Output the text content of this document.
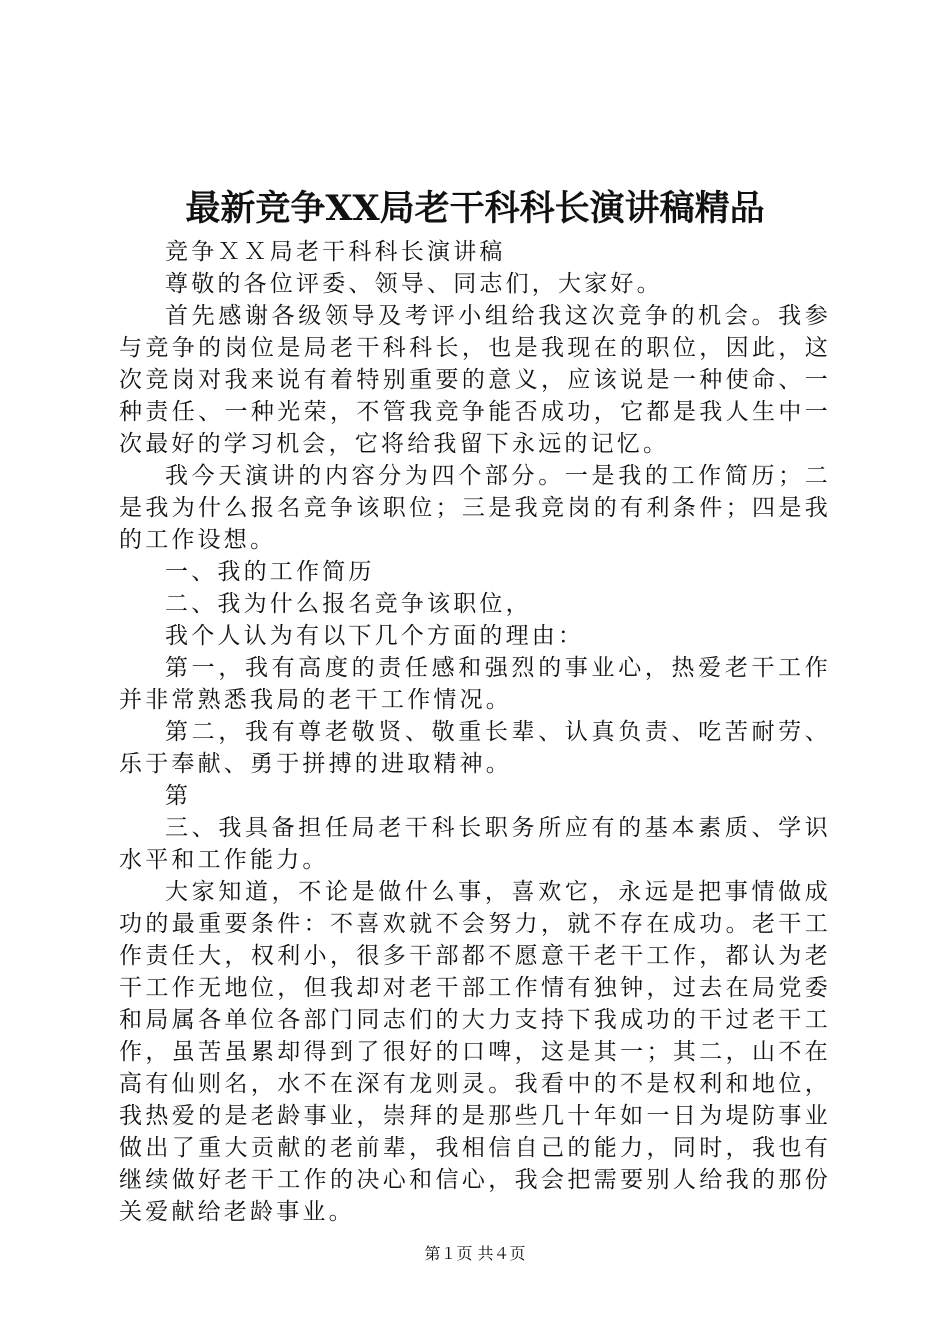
最新竞争XX局老干科科长演讲稿精品

竞争ＸＸ局老干科科长演讲稿

尊敬的各位评委、领导、同志们，大家好。

首先感谢各级领导及考评小组给我这次竞争的机会。我参与竞争的岗位是局老干科科长，也是我现在的职位，因此，这次竞岗对我来说有着特别重要的意义，应该说是一种使命、一种责任、一种光荣，不管我竞争能否成功，它都是我人生中一次最好的学习机会，它将给我留下永远的记忆。

我今天演讲的内容分为四个部分。一是我的工作简历；二是我为什么报名竞争该职位；三是我竞岗的有利条件；四是我的工作设想。

一、我的工作简历

二、我为什么报名竞争该职位，

我个人认为有以下几个方面的理由：

第一，我有高度的责任感和强烈的事业心，热爱老干工作并非常熟悉我局的老干工作情况。

第二，我有尊老敬贤、敬重长辈、认真负责、吃苦耐劳、乐于奉献、勇于拼搏的进取精神。

第

三、我具备担任局老干科长职务所应有的基本素质、学识水平和工作能力。

大家知道，不论是做什么事，喜欢它，永远是把事情做成功的最重要条件：不喜欢就不会努力，就不存在成功。老干工作责任大，权利小，很多干部都不愿意干老干工作，都认为老干工作无地位，但我却对老干部工作情有独钟，过去在局党委和局属各单位各部门同志们的大力支持下我成功的干过老干工作，虽苦虽累却得到了很好的口啤，这是其一；其二，山不在高有仙则名，水不在深有龙则灵。我看中的不是权利和地位，我热爱的是老龄事业，崇拜的是那些几十年如一日为堤防事业做出了重大贡献的老前辈，我相信自己的能力，同时，我也有继续做好老干工作的决心和信心，我会把需要别人给我的那份关爱献给老龄事业。

第１页 共４页
